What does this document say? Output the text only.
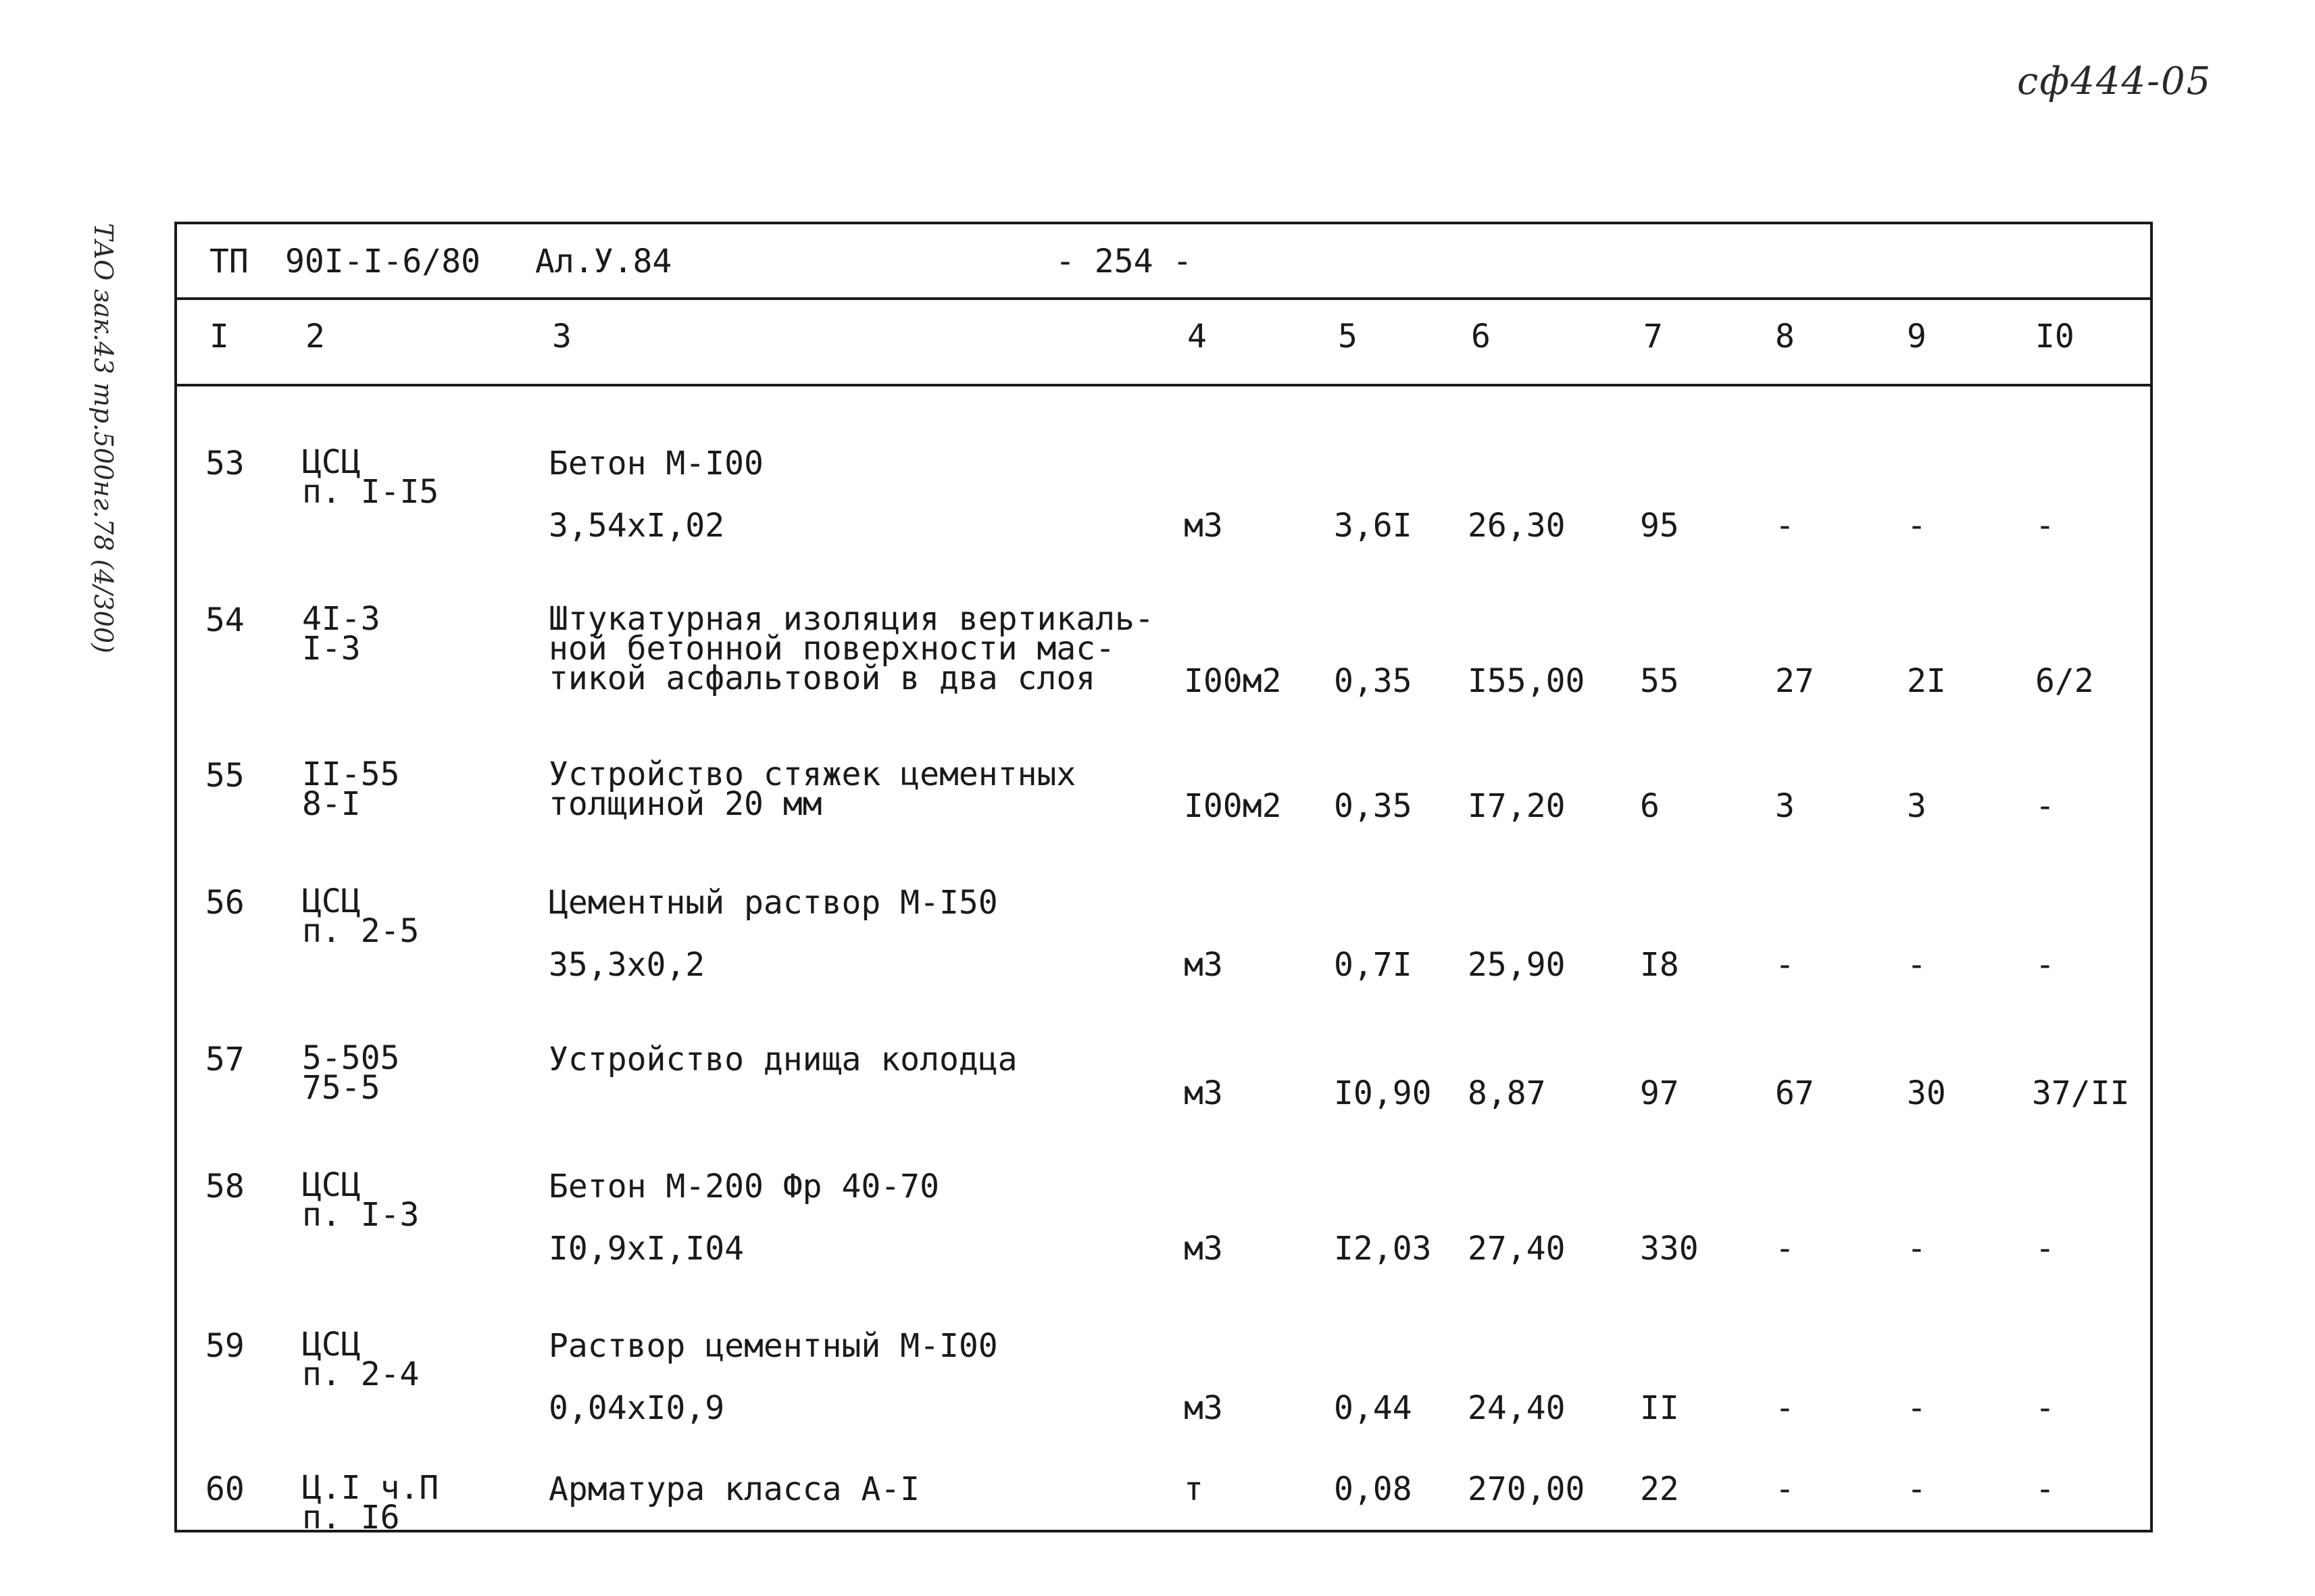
сф444-05
ТАО зак.43 тр.500нг.78 (4/300)	ТП 90I-I-6/80 Ал.У.84	- 254 -
I 2	3	4	5	6	7	8	9	I0
53 ЦСЦ
п. I-I5
Бетон М-I00
3,54хI,02	м3	3,6I 26,30 95	-	-	-
54 4I-3
I-3
Штукатурная изоляция вертикаль-
ной бетонной поверхности мас-
тикой асфальтовой в два слоя	I00м2 0,35 I55,00 55	27	2I	6/2
55 II-55
8-I
Устройство стяжек цементных
толщиной 20 мм	I00м2 0,35 I7,20 6	3	3	-
56 ЦСЦ
п. 2-5
Цементный раствор М-I50
35,3х0,2	м3	0,7I 25,90 I8	-	-	-
57 5-505
75-5
Устройство днища колодца
м3	I0,90 8,87	97	67	30	37/II
58 ЦСЦ
п. I-3
Бетон М-200 Фр 40-70
I0,9хI,I04	м3	I2,03 27,40 330 -	-	-
59 ЦСЦ
п. 2-4
Раствор цементный М-I00
0,04хI0,9	м3	0,44 24,40 II	-	-	-
60 Ц.I ч.П
п. I6
Арматура класса А-I	т	0,08 270,00 22	-	-	-
